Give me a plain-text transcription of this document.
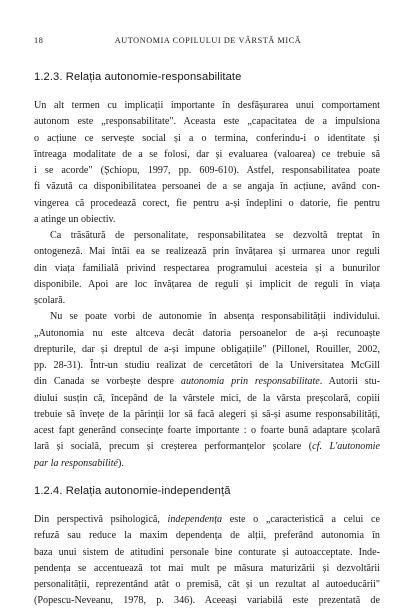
18	AUTONOMIA COPILULUI DE VÂRSTĂ MICĂ
1.2.3. Relația autonomie-responsabilitate
Un alt termen cu implicații importante în desfășurarea unui comportament
autonom este „responsabilitate". Aceasta este „capacitatea de a impulsiona
o acțiune ce servește social și a o termina, conferindu-i o identitate și
întreaga modalitate de a se folosi, dar și evaluarea (valoarea) ce trebuie să
i se acorde" (Șchiopu, 1997, pp. 609-610). Astfel, responsabilitatea poate
fi văzută ca disponibilitatea persoanei de a se angaja în acțiune, având con-
vingerea că procedează corect, fie pentru a-și îndeplini o datorie, fie pentru
a atinge un obiectiv.
Ca trăsătură de personalitate, responsabilitatea se dezvoltă treptat în
ontogeneză. Mai întâi ea se realizează prin învățarea și urmarea unor reguli
din viața familială privind respectarea programului acesteia și a bunurilor
disponibile. Apoi are loc învățarea de reguli și implicit de reguli în viața
școlară.
Nu se poate vorbi de autonomie în absența responsabilității individului.
„Autonomia nu este altceva decât datoria persoanelor de a-și recunoaște
drepturile, dar și dreptul de a-și impune obligațiile" (Pillonel, Rouiller, 2002,
pp. 28-31). Într-un studiu realizat de cercetători de la Universitatea McGill
din Canada se vorbește despre autonomia prin responsabilitate. Autorii stu-
diului susțin că, începând de la vârstele mici, de la vârsta preșcolară, copiii
trebuie să învețe de la părinții lor să facă alegeri și să-și asume responsabilități,
acest fapt generând consecințe foarte importante : o foarte bună adaptare școlară
lară și socială, precum și creșterea performanțelor școlare (cf. L'autonomie
par la responsabilité).
1.2.4. Relația autonomie-independență
Din perspectivă psihologică, independența este o „caracteristică a celui ce
refuză sau reduce la maxim dependența de alții, preferând autonomia în
baza unui sistem de atitudini personale bine conturate și autoacceptate. Inde-
pendența se accentuează tot mai mult pe măsura maturizării și dezvoltării
personalității, reprezentând atât o premisă, cât și un rezultat al autoeducării"
(Popescu-Neveanu, 1978, p. 346). Aceeași variabilă este prezentată de
